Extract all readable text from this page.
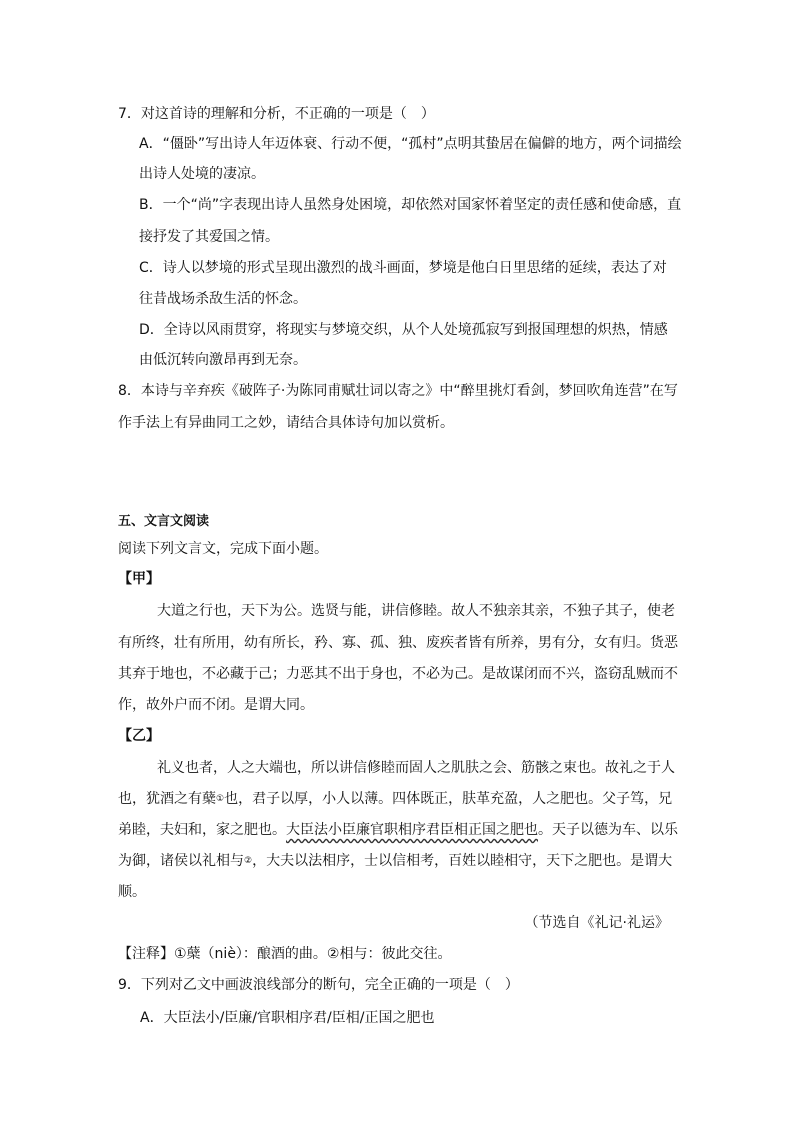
7．对这首诗的理解和分析，不正确的一项是（　）
A．“僵卧”写出诗人年迈体衰、行动不便，“孤村”点明其蛰居在偏僻的地方，两个词描绘
出诗人处境的凄凉。
B．一个“尚”字表现出诗人虽然身处困境，却依然对国家怀着坚定的责任感和使命感，直
接抒发了其爱国之情。
C．诗人以梦境的形式呈现出激烈的战斗画面，梦境是他白日里思绪的延续，表达了对
往昔战场杀敌生活的怀念。
D．全诗以风雨贯穿，将现实与梦境交织，从个人处境孤寂写到报国理想的炽热，情感
由低沉转向激昂再到无奈。
8．本诗与辛弃疾《破阵子·为陈同甫赋壮词以寄之》中“醉里挑灯看剑，梦回吹角连营”在写
作手法上有异曲同工之妙，请结合具体诗句加以赏析。
五、文言文阅读
阅读下列文言文，完成下面小题。
【甲】
大道之行也，天下为公。选贤与能，讲信修睦。故人不独亲其亲，不独子其子，使老
有所终，壮有所用，幼有所长，矜、寡、孤、独、废疾者皆有所养，男有分，女有归。货恶
其弃于地也，不必藏于己；力恶其不出于身也，不必为己。是故谋闭而不兴，盗窃乱贼而不
作，故外户而不闭。是谓大同。
【乙】
礼义也者，人之大端也，所以讲信修睦而固人之肌肤之会、筋骸之束也。故礼之于人
也，犹酒之有蘖①也，君子以厚，小人以薄。四体既正，肤革充盈，人之肥也。父子笃，兄
弟睦，夫妇和，家之肥也。大臣法小臣廉官职相序君臣相正国之肥也。天子以德为车、以乐
为御，诸侯以礼相与②，大夫以法相序，士以信相考，百姓以睦相守，天下之肥也。是谓大
顺。
（节选自《礼记·礼运》
【注释】①蘖（niè）：酿酒的曲。②相与：彼此交往。
9．下列对乙文中画波浪线部分的断句，完全正确的一项是（　）
A．大臣法小/臣廉/官职相序君/臣相/正国之肥也
